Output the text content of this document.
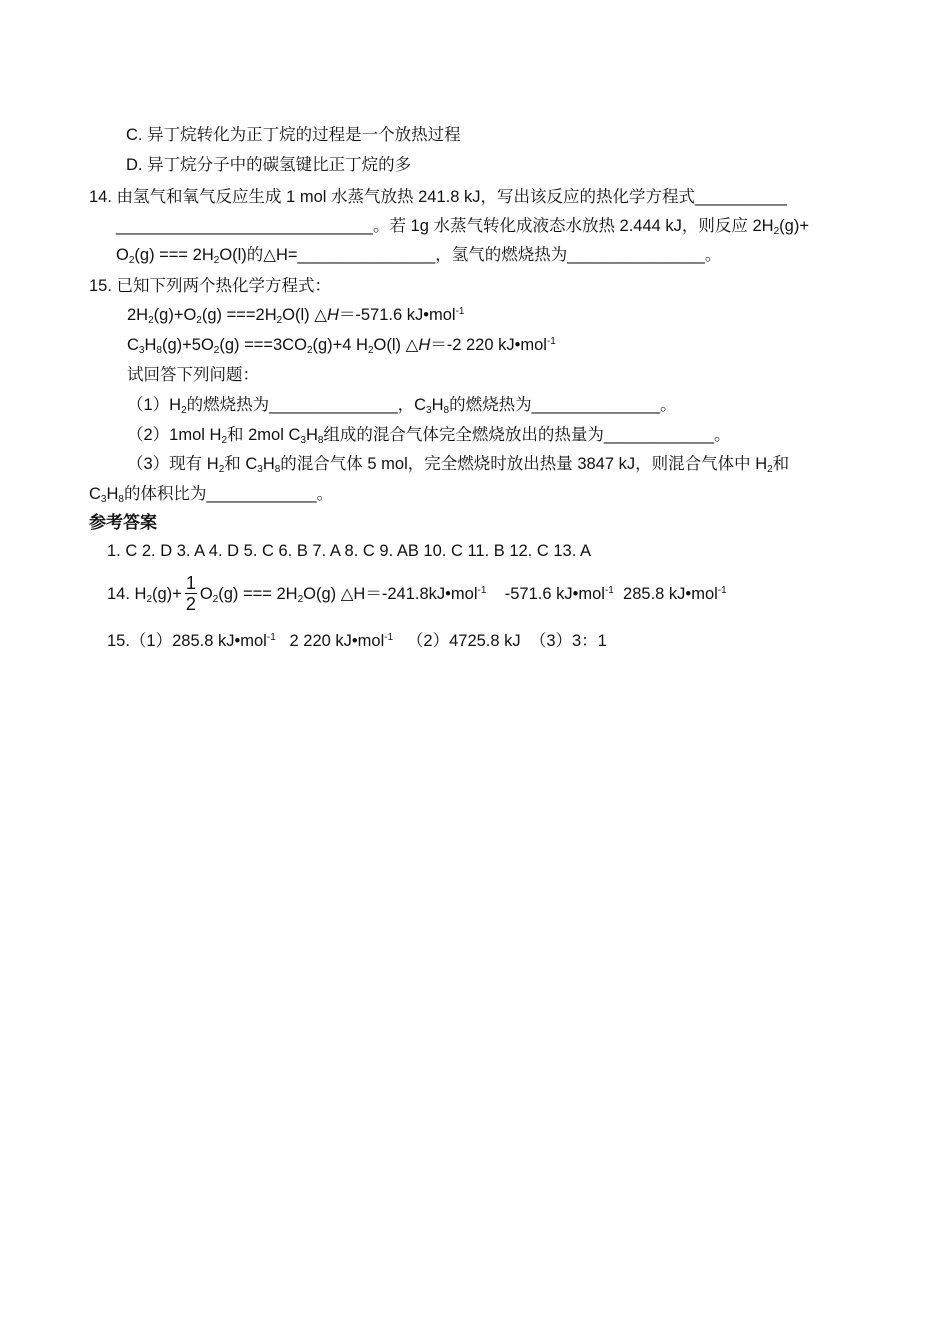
C. 异丁烷转化为正丁烷的过程是一个放热过程
D. 异丁烷分子中的碳氢键比正丁烷的多
14. 由氢气和氧气反应生成 1 mol 水蒸气放热 241.8 kJ，写出该反应的热化学方程式__________
____________________________。若 1g 水蒸气转化成液态水放热 2.444 kJ，则反应 $2H_2(g)+$
$O_2(g)$ === $2H_2O(l)$的△H=_______________，氢气的燃烧热为_______________。
15. 已知下列两个热化学方程式：
$2H_2(g)+O_2(g) ===2H_2O(l)$ △H＝-571.6 kJ•mol$^{-1}$
$C_3H_8(g)+5O_2(g) ===3CO_2(g)+4$ $H_2O(l)$ △H＝-2 220 kJ•mol$^{-1}$
试回答下列问题：
$(1)H_2$的燃烧热为______________，$C_3H_8$的燃烧热为______________。
（2）1mol $H_2$和 2mol $C_3H_8$组成的混合气体完全燃烧放出的热量为____________。
（3）现有 $H_2$和 $C_3H_8$的混合气体 5 mol，完全燃烧时放出热量 3847 kJ，则混合气体中 $H_2$和
$C_3H_8$的体积比为____________。
参考答案
1. C 2. D 3. A 4. D 5. C 6. B 7. A 8. C 9. AB 10. C 11. B 12. C 13. A
14. $H_2(g)+ \frac{1}{2} O_2(g)$ === $2H_2O(g)$ △H＝-241.8kJ•mol$^{-1}$    -571.6 kJ•mol$^{-1}$  285.8 kJ•mol$^{-1}$
15.（1）285.8 kJ•mol$^{-1}$   2 220 kJ•mol$^{-1}$   （2）4725.8 kJ  （3）3：1
